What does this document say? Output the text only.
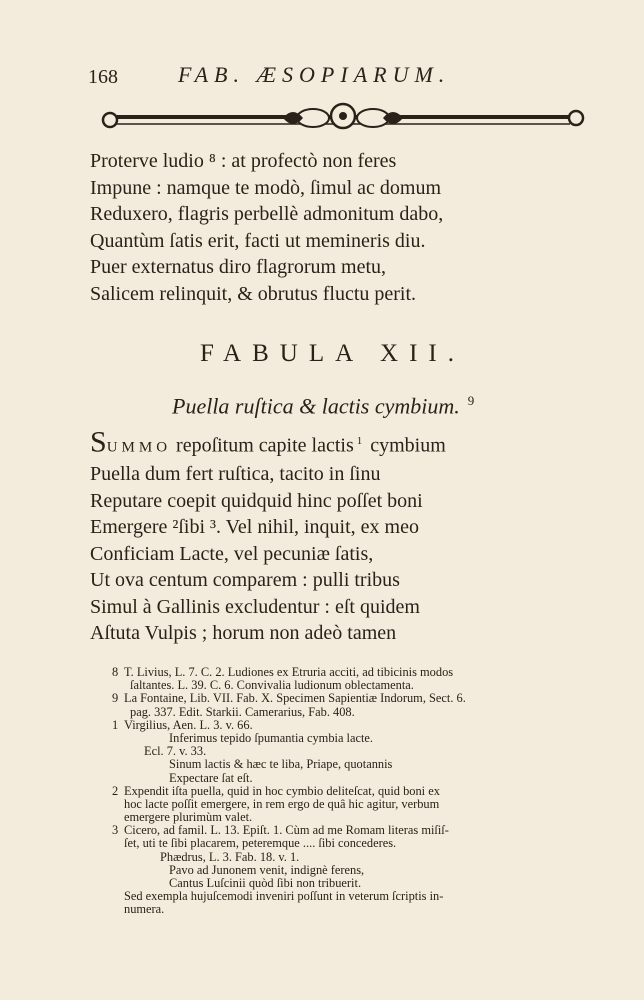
168	FAB. ÆSOPIARUM.
Proterve ludio ⁸ : at profectò non feres
Impune : namque te modò, ſimul ac domum
Reduxero, flagris perbellè admonitum dabo,
Quantùm ſatis erit, facti ut memineris diu.
Puer externatus diro flagrorum metu,
Salicem relinquit, & obrutus fluctu perit.
FABULA XII.
Puella ruſtica & lactis cymbium. $^9$
SUMMO repoſitum capite lactis $^1$ cymbium
Puella dum fert ruſtica, tacito in ſinu
Reputare coepit quidquid hinc poſſet boni
Emergere ²ſibi ³. Vel nihil, inquit, ex meo
Conficiam Lacte, vel pecuniæ ſatis,
Ut ova centum comparem : pulli tribus
Simul à Gallinis excludentur : eſt quidem
Aſtuta Vulpis ; horum non adeò tamen
8 T. Livius, L. 7. C. 2. Ludiones ex Etruria acciti, ad tibicinis modos
ſaltantes. L. 39. C. 6. Convivalia ludionum oblectamenta.
9 La Fontaine, Lib. VII. Fab. X. Specimen Sapientiæ Indorum, Sect. 6.
pag. 337. Edit. Starkii. Camerarius, Fab. 408.
1 Virgilius, Aen. L. 3. v. 66.
Inferimus tepido ſpumantia cymbia lacte.
Ecl. 7. v. 33.
Sinum lactis & hæc te liba, Priape, quotannis
Expectare ſat eſt.
2 Expendit iſta puella, quid in hoc cymbio deliteſcat, quid boni ex
hoc lacte poſſit emergere, in rem ergo de quâ hic agitur, verbum
emergere plurimùm valet.
3 Cicero, ad famil. L. 13. Epiſt. 1. Cùm ad me Romam literas miſiſ-
ſet, uti te ſibi placarem, peteremque .... ſibi concederes.
Phædrus, L. 3. Fab. 18. v. 1.
Pavo ad Junonem venit, indignè ferens,
Cantus Luſcinii quòd ſibi non tribuerit.
Sed exempla hujuſcemodi inveniri poſſunt in veterum ſcriptis in-
numera.
